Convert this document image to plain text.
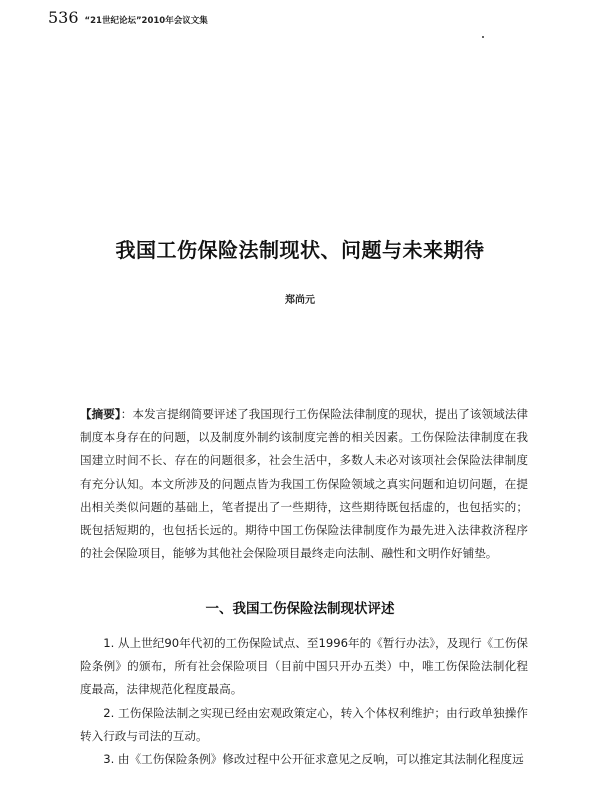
536 “21世纪论坛”2010年会议文集
我国工伤保险法制现状、问题与未来期待
郑尚元

【摘要】：本发言提纲简要评述了我国现行工伤保险法律制度的现状，提出了该领域法律制度本身存在的问题，以及制度外制约该制度完善的相关因素。工伤保险法律制度在我国建立时间不长、存在的问题很多，社会生活中，多数人未必对该项社会保险法律制度有充分认知。本文所涉及的问题点皆为我国工伤保险领域之真实问题和迫切问题，在提出相关类似问题的基础上，笔者提出了一些期待，这些期待既包括虚的，也包括实的；既包括短期的，也包括长远的。期待中国工伤保险法律制度作为最先进入法律救济程序的社会保险项目，能够为其他社会保险项目最终走向法制、融性和文明作好铺垫。

一、我国工伤保险法制现状评述

1. 从上世纪90年代初的工伤保险试点、至1996年的《暂行办法》，及现行《工伤保险条例》的颁布，所有社会保险项目（目前中国只开办五类）中，唯工伤保险法制化程度最高，法律规范化程度最高。

2. 工伤保险法制之实现已经由宏观政策定心，转入个体权利维护；由行政单独操作转入行政与司法的互动。

3. 由《工伤保险条例》修改过程中公开征求意见之反响，可以推定其法制化程度远
